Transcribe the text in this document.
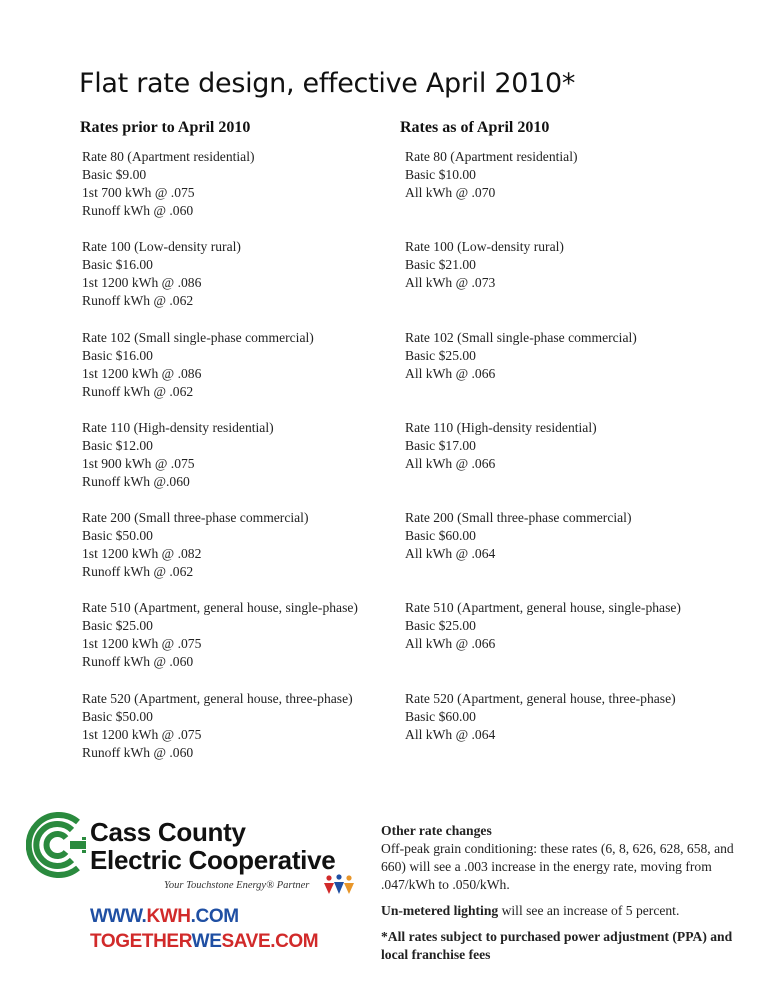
Flat rate design, effective April 2010*
Rates prior to April 2010	Rates as of April 2010
Rate 80 (Apartment residential)
Basic $9.00
1st 700 kWh @ .075
Runoff kWh @ .060
Rate 100 (Low-density rural)
Basic $16.00
1st 1200 kWh @ .086
Runoff kWh @ .062
Rate 102 (Small single-phase commercial)
Basic $16.00
1st 1200 kWh @ .086
Runoff kWh @ .062
Rate 110 (High-density residential)
Basic $12.00
1st 900 kWh @ .075
Runoff kWh @.060
Rate 200 (Small three-phase commercial)
Basic $50.00
1st 1200 kWh @ .082
Runoff kWh @ .062
Rate 510 (Apartment, general house, single-phase)
Basic $25.00
1st 1200 kWh @ .075
Runoff kWh @ .060
Rate 520 (Apartment, general house, three-phase)
Basic $50.00
1st 1200 kWh @ .075
Runoff kWh @ .060
Rate 80 (Apartment residential)
Basic $10.00
All kWh @ .070
Rate 100 (Low-density rural)
Basic $21.00
All kWh @ .073
Rate 102 (Small single-phase commercial)
Basic $25.00
All kWh @ .066
Rate 110 (High-density residential)
Basic $17.00
All kWh @ .066
Rate 200 (Small three-phase commercial)
Basic $60.00
All kWh @ .064
Rate 510 (Apartment, general house, single-phase)
Basic $25.00
All kWh @ .066
Rate 520 (Apartment, general house, three-phase)
Basic $60.00
All kWh @ .064
Cass County
Electric Cooperative
Your Touchstone Energy® Partner
WWW.KWH.COM
TOGETHERWESAVE.COM

Other rate changes

Off-peak grain conditioning: these rates (6, 8, 626, 628, 658, and 660) will see a .003 increase in the energy rate, moving from .047/kWh to .050/kWh.

Un-metered lighting will see an increase of 5 percent.

*All rates subject to purchased power adjustment (PPA) and local franchise fees
